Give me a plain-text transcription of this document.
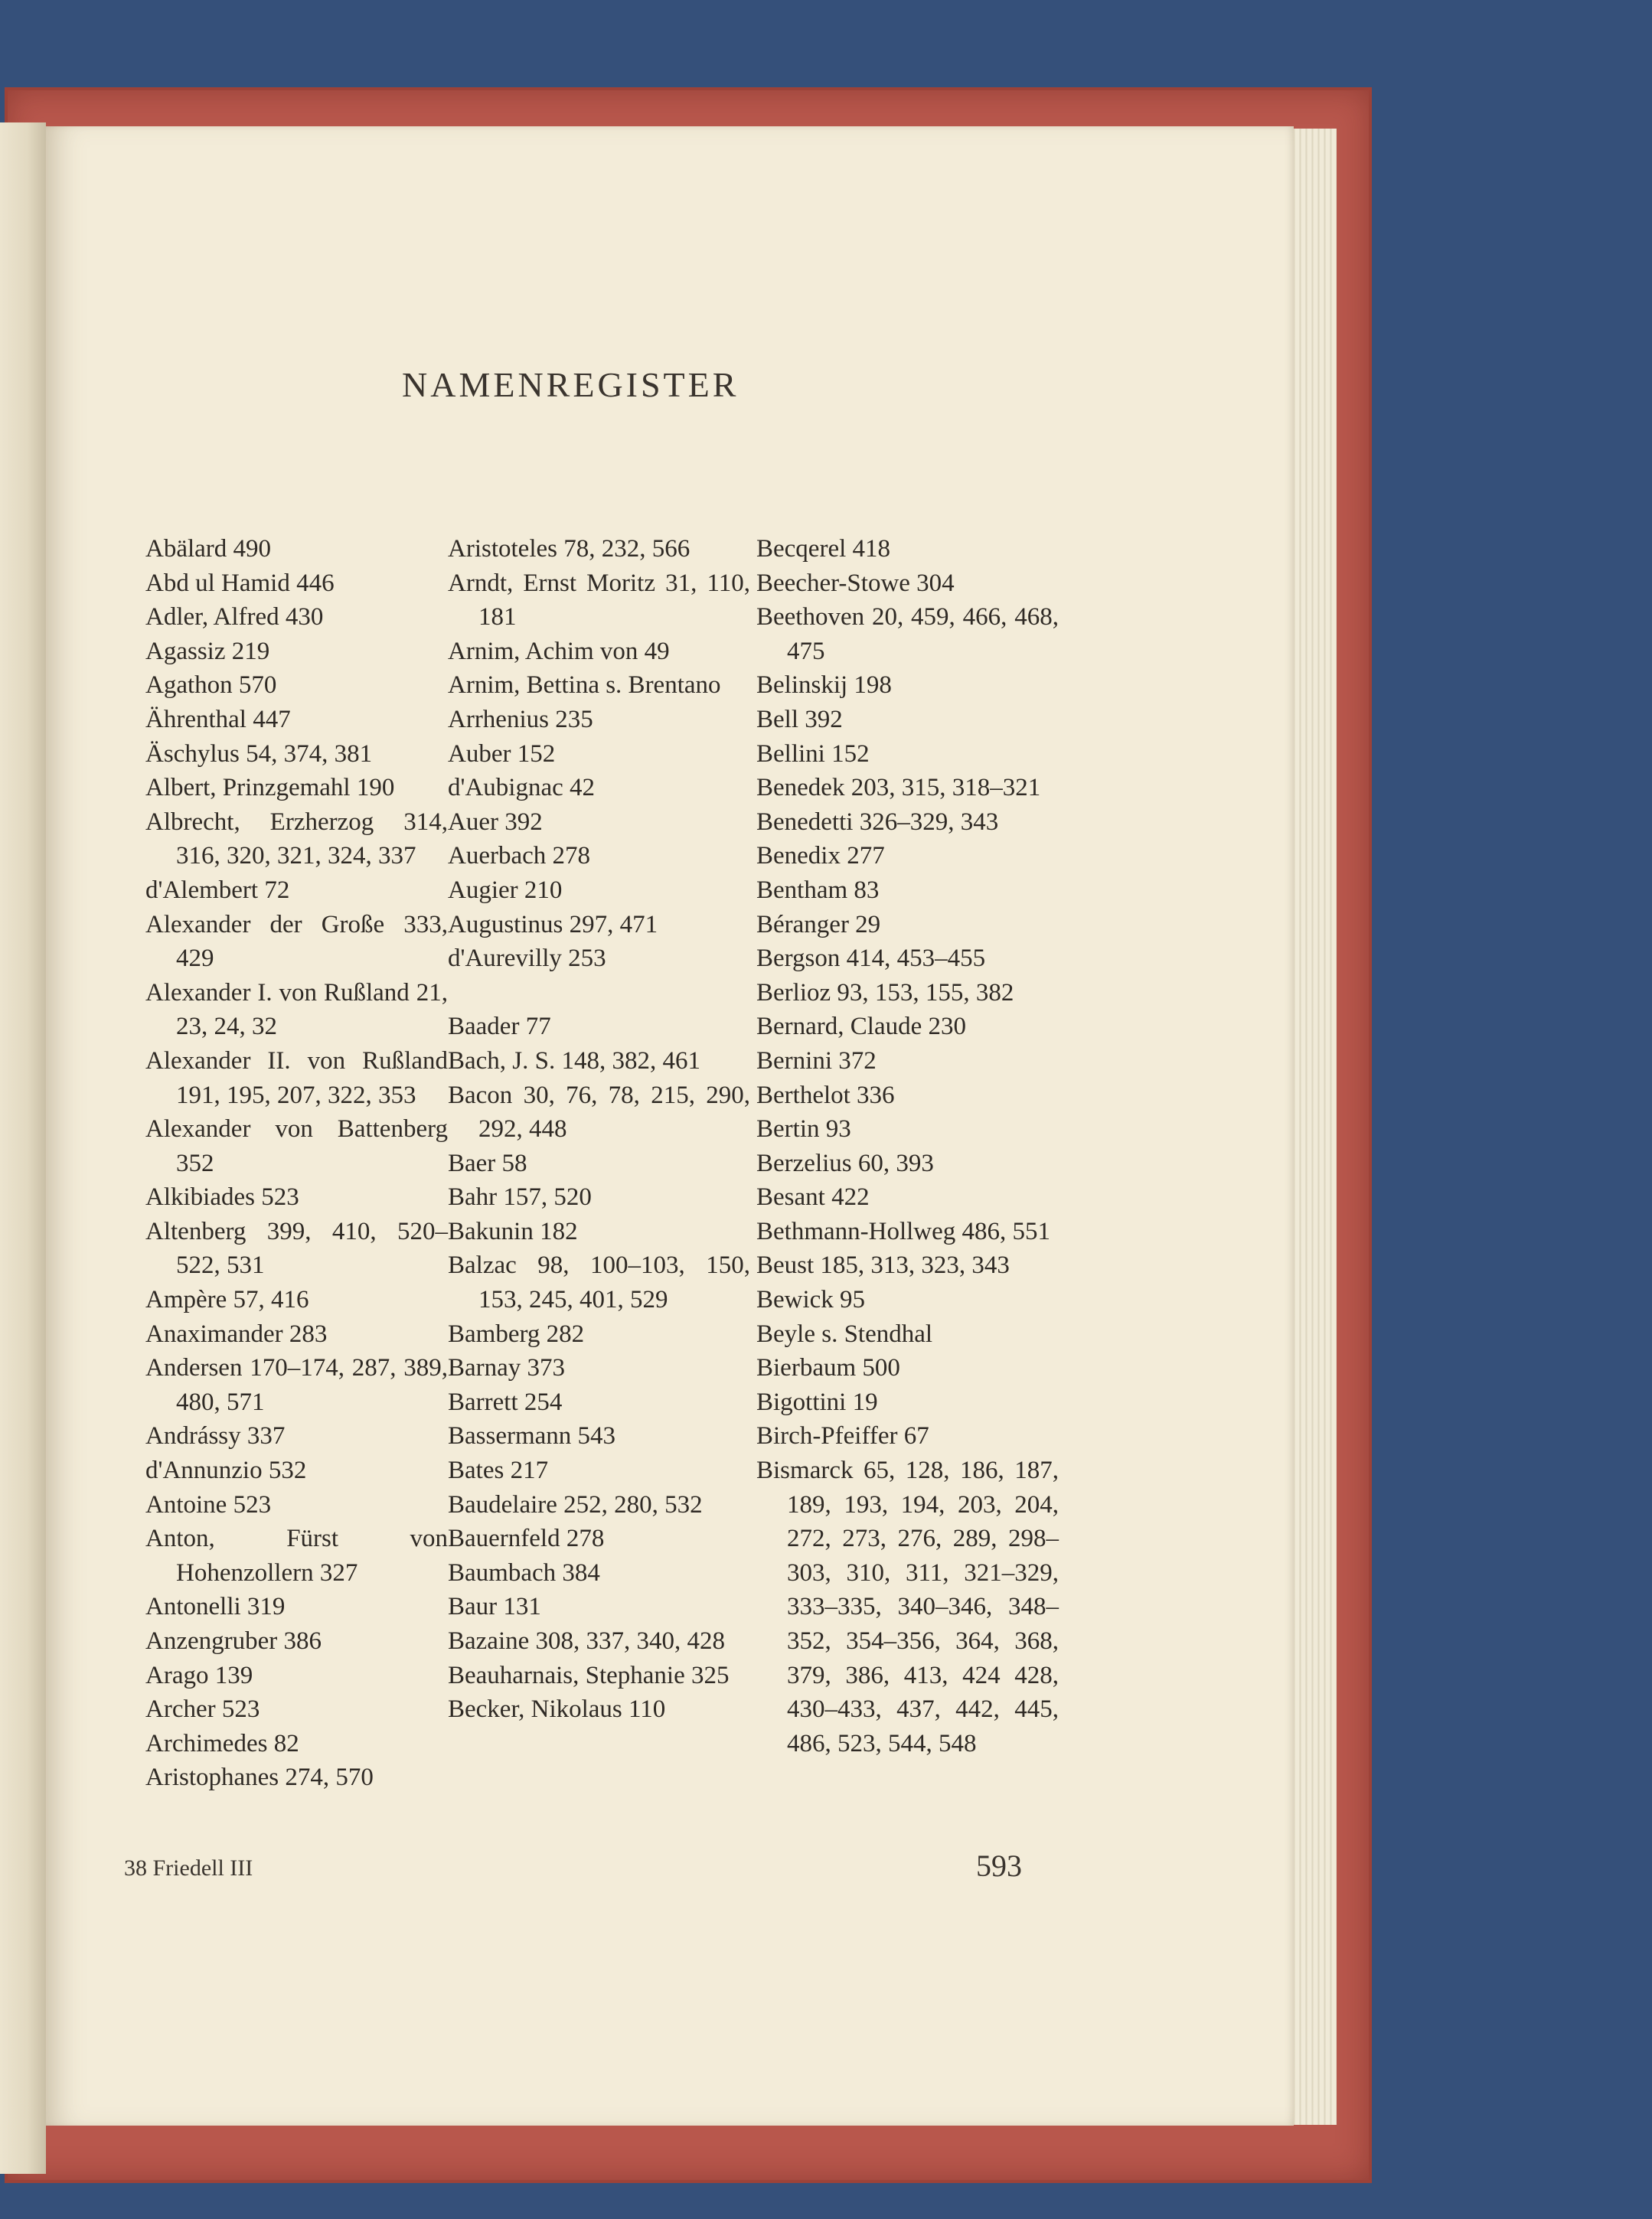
NAMENREGISTER
Abälard 490
Abd ul Hamid 446
Adler, Alfred 430
Agassiz 219
Agathon 570
Ährenthal 447
Äschylus 54, 374, 381
Albert, Prinzgemahl 190
Albrecht, Erzherzog 314, 316, 320, 321, 324, 337
d'Alembert 72
Alexander der Große 333, 429
Alexander I. von Rußland 21, 23, 24, 32
Alexander II. von Rußland 191, 195, 207, 322, 353
Alexander von Battenberg 352
Alkibiades 523
Altenberg 399, 410, 520–522, 531
Ampère 57, 416
Anaximander 283
Andersen 170–174, 287, 389, 480, 571
Andrássy 337
d'Annunzio 532
Antoine 523
Anton, Fürst von Hohenzollern 327
Antonelli 319
Anzengruber 386
Arago 139
Archer 523
Archimedes 82
Aristophanes 274, 570
Aristoteles 78, 232, 566
Arndt, Ernst Moritz 31, 110, 181
Arnim, Achim von 49
Arnim, Bettina s. Brentano
Arrhenius 235
Auber 152
d'Aubignac 42
Auer 392
Auerbach 278
Augier 210
Augustinus 297, 471
d'Aurevilly 253
Baader 77
Bach, J. S. 148, 382, 461
Bacon 30, 76, 78, 215, 290, 292, 448
Baer 58
Bahr 157, 520
Bakunin 182
Balzac 98, 100–103, 150, 153, 245, 401, 529
Bamberg 282
Barnay 373
Barrett 254
Bassermann 543
Bates 217
Baudelaire 252, 280, 532
Bauernfeld 278
Baumbach 384
Baur 131
Bazaine 308, 337, 340, 428
Beauharnais, Stephanie 325
Becker, Nikolaus 110
Becqerel 418
Beecher-Stowe 304
Beethoven 20, 459, 466, 468, 475
Belinskij 198
Bell 392
Bellini 152
Benedek 203, 315, 318–321
Benedetti 326–329, 343
Benedix 277
Bentham 83
Béranger 29
Bergson 414, 453–455
Berlioz 93, 153, 155, 382
Bernard, Claude 230
Bernini 372
Berthelot 336
Bertin 93
Berzelius 60, 393
Besant 422
Bethmann-Hollweg 486, 551
Beust 185, 313, 323, 343
Bewick 95
Beyle s. Stendhal
Bierbaum 500
Bigottini 19
Birch-Pfeiffer 67
Bismarck 65, 128, 186, 187, 189, 193, 194, 203, 204, 272, 273, 276, 289, 298–303, 310, 311, 321–329, 333–335, 340–346, 348–352, 354–356, 364, 368, 379, 386, 413, 424 428, 430–433, 437, 442, 445, 486, 523, 544, 548
38 Friedell III	593
